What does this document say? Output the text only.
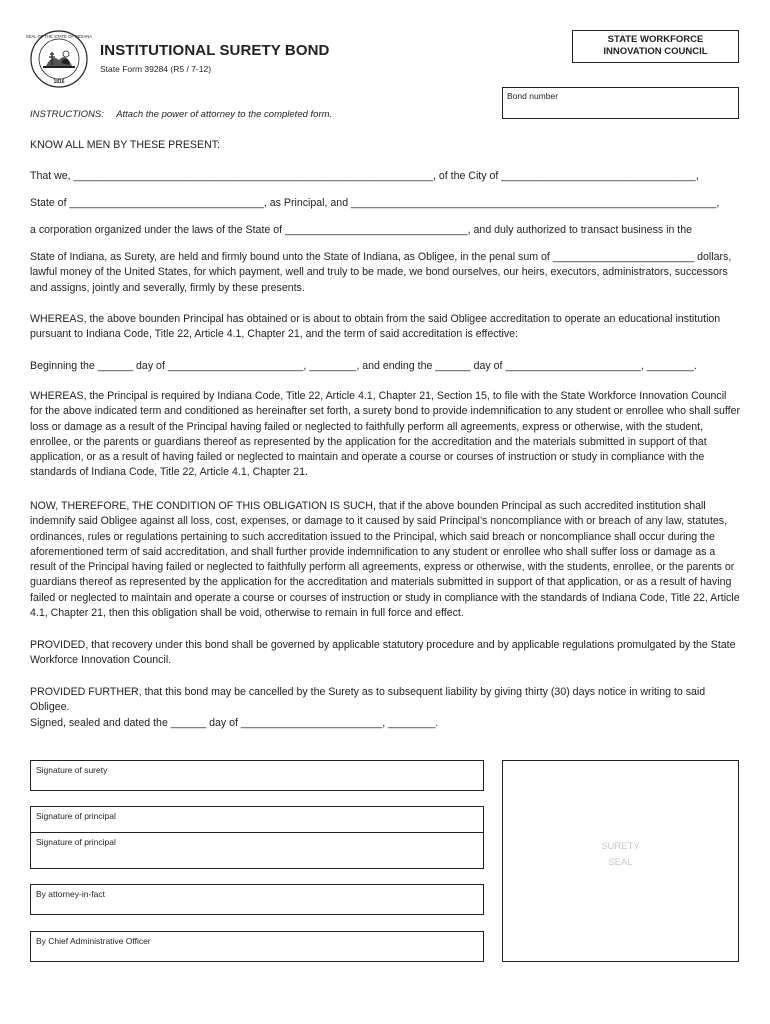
SEAL OF THE STATE OF INDIANA
1816
INSTITUTIONAL SURETY BOND
State Form 39284 (R5 / 7-12)
STATE WORKFORCE
INNOVATION COUNCIL
Bond number
INSTRUCTIONS: Attach the power of attorney to the completed form.
KNOW ALL MEN BY THESE PRESENT:
That we, _____________________________________________________________, of the City of _________________________________,
State of _________________________________, as Principal, and ______________________________________________________________,
a corporation organized under the laws of the State of _______________________________, and duly authorized to transact business in the

State of Indiana, as Surety, are held and firmly bound unto the State of Indiana, as Obligee, in the penal sum of ________________________ dollars, lawful money of the United States, for which payment, well and truly to be made, we bond ourselves, our heirs, executors, administrators, successors and assigns, jointly and severally, firmly by these presents.

WHEREAS, the above bounden Principal has obtained or is about to obtain from the said Obligee accreditation to operate an educational institution pursuant to Indiana Code, Title 22, Article 4.1, Chapter 21, and the term of said accreditation is effective:

Beginning the ______ day of _______________________, ________, and ending the ______ day of _______________________, ________.

WHEREAS, the Principal is required by Indiana Code, Title 22, Article 4.1, Chapter 21, Section 15, to file with the State Workforce Innovation Council for the above indicated term and conditioned as hereinafter set forth, a surety bond to provide indemnification to any student or enrollee who shall suffer loss or damage as a result of the Principal having failed or neglected to faithfully perform all agreements, express or otherwise, with the student, enrollee, or the parents or guardians thereof as represented by the application for the accreditation and the materials submitted in support of that application, or as a result of having failed or neglected to maintain and operate a course or courses of instruction or study in compliance with the standards of Indiana Code, Title 22, Article 4.1, Chapter 21.

NOW, THEREFORE, THE CONDITION OF THIS OBLIGATION IS SUCH, that if the above bounden Principal as such accredited institution shall indemnify said Obligee against all loss, cost, expenses, or damage to it caused by said Principal’s noncompliance with or breach of any law, statutes, ordinances, rules or regulations pertaining to such accreditation issued to the Principal, which said breach or noncompliance shall occur during the aforementioned term of said accreditation, and shall further provide indemnification to any student or enrollee who shall suffer loss or damage as a result of the Principal having failed or neglected to faithfully perform all agreements, express or otherwise, with the students, enrollee, or the parents or guardians thereof as represented by the application for the accreditation and materials submitted in support of that application, or as a result of having failed or neglected to maintain and operate a course or courses of instruction or study in compliance with the standards of Indiana Code, Title 22, Article 4.1, Chapter 21, then this obligation shall be void, otherwise to remain in full force and effect.

PROVIDED, that recovery under this bond shall be governed by applicable statutory procedure and by applicable regulations promulgated by the State Workforce Innovation Council.

PROVIDED FURTHER, that this bond may be cancelled by the Surety as to subsequent liability by giving thirty (30) days notice in writing to said Obligee.

Signed, sealed and dated the ______ day of ________________________, ________.
Signature of surety
Signature of principal
Signature of principal
By attorney-in-fact
By Chief Administrative Officer
SURETY
SEAL
